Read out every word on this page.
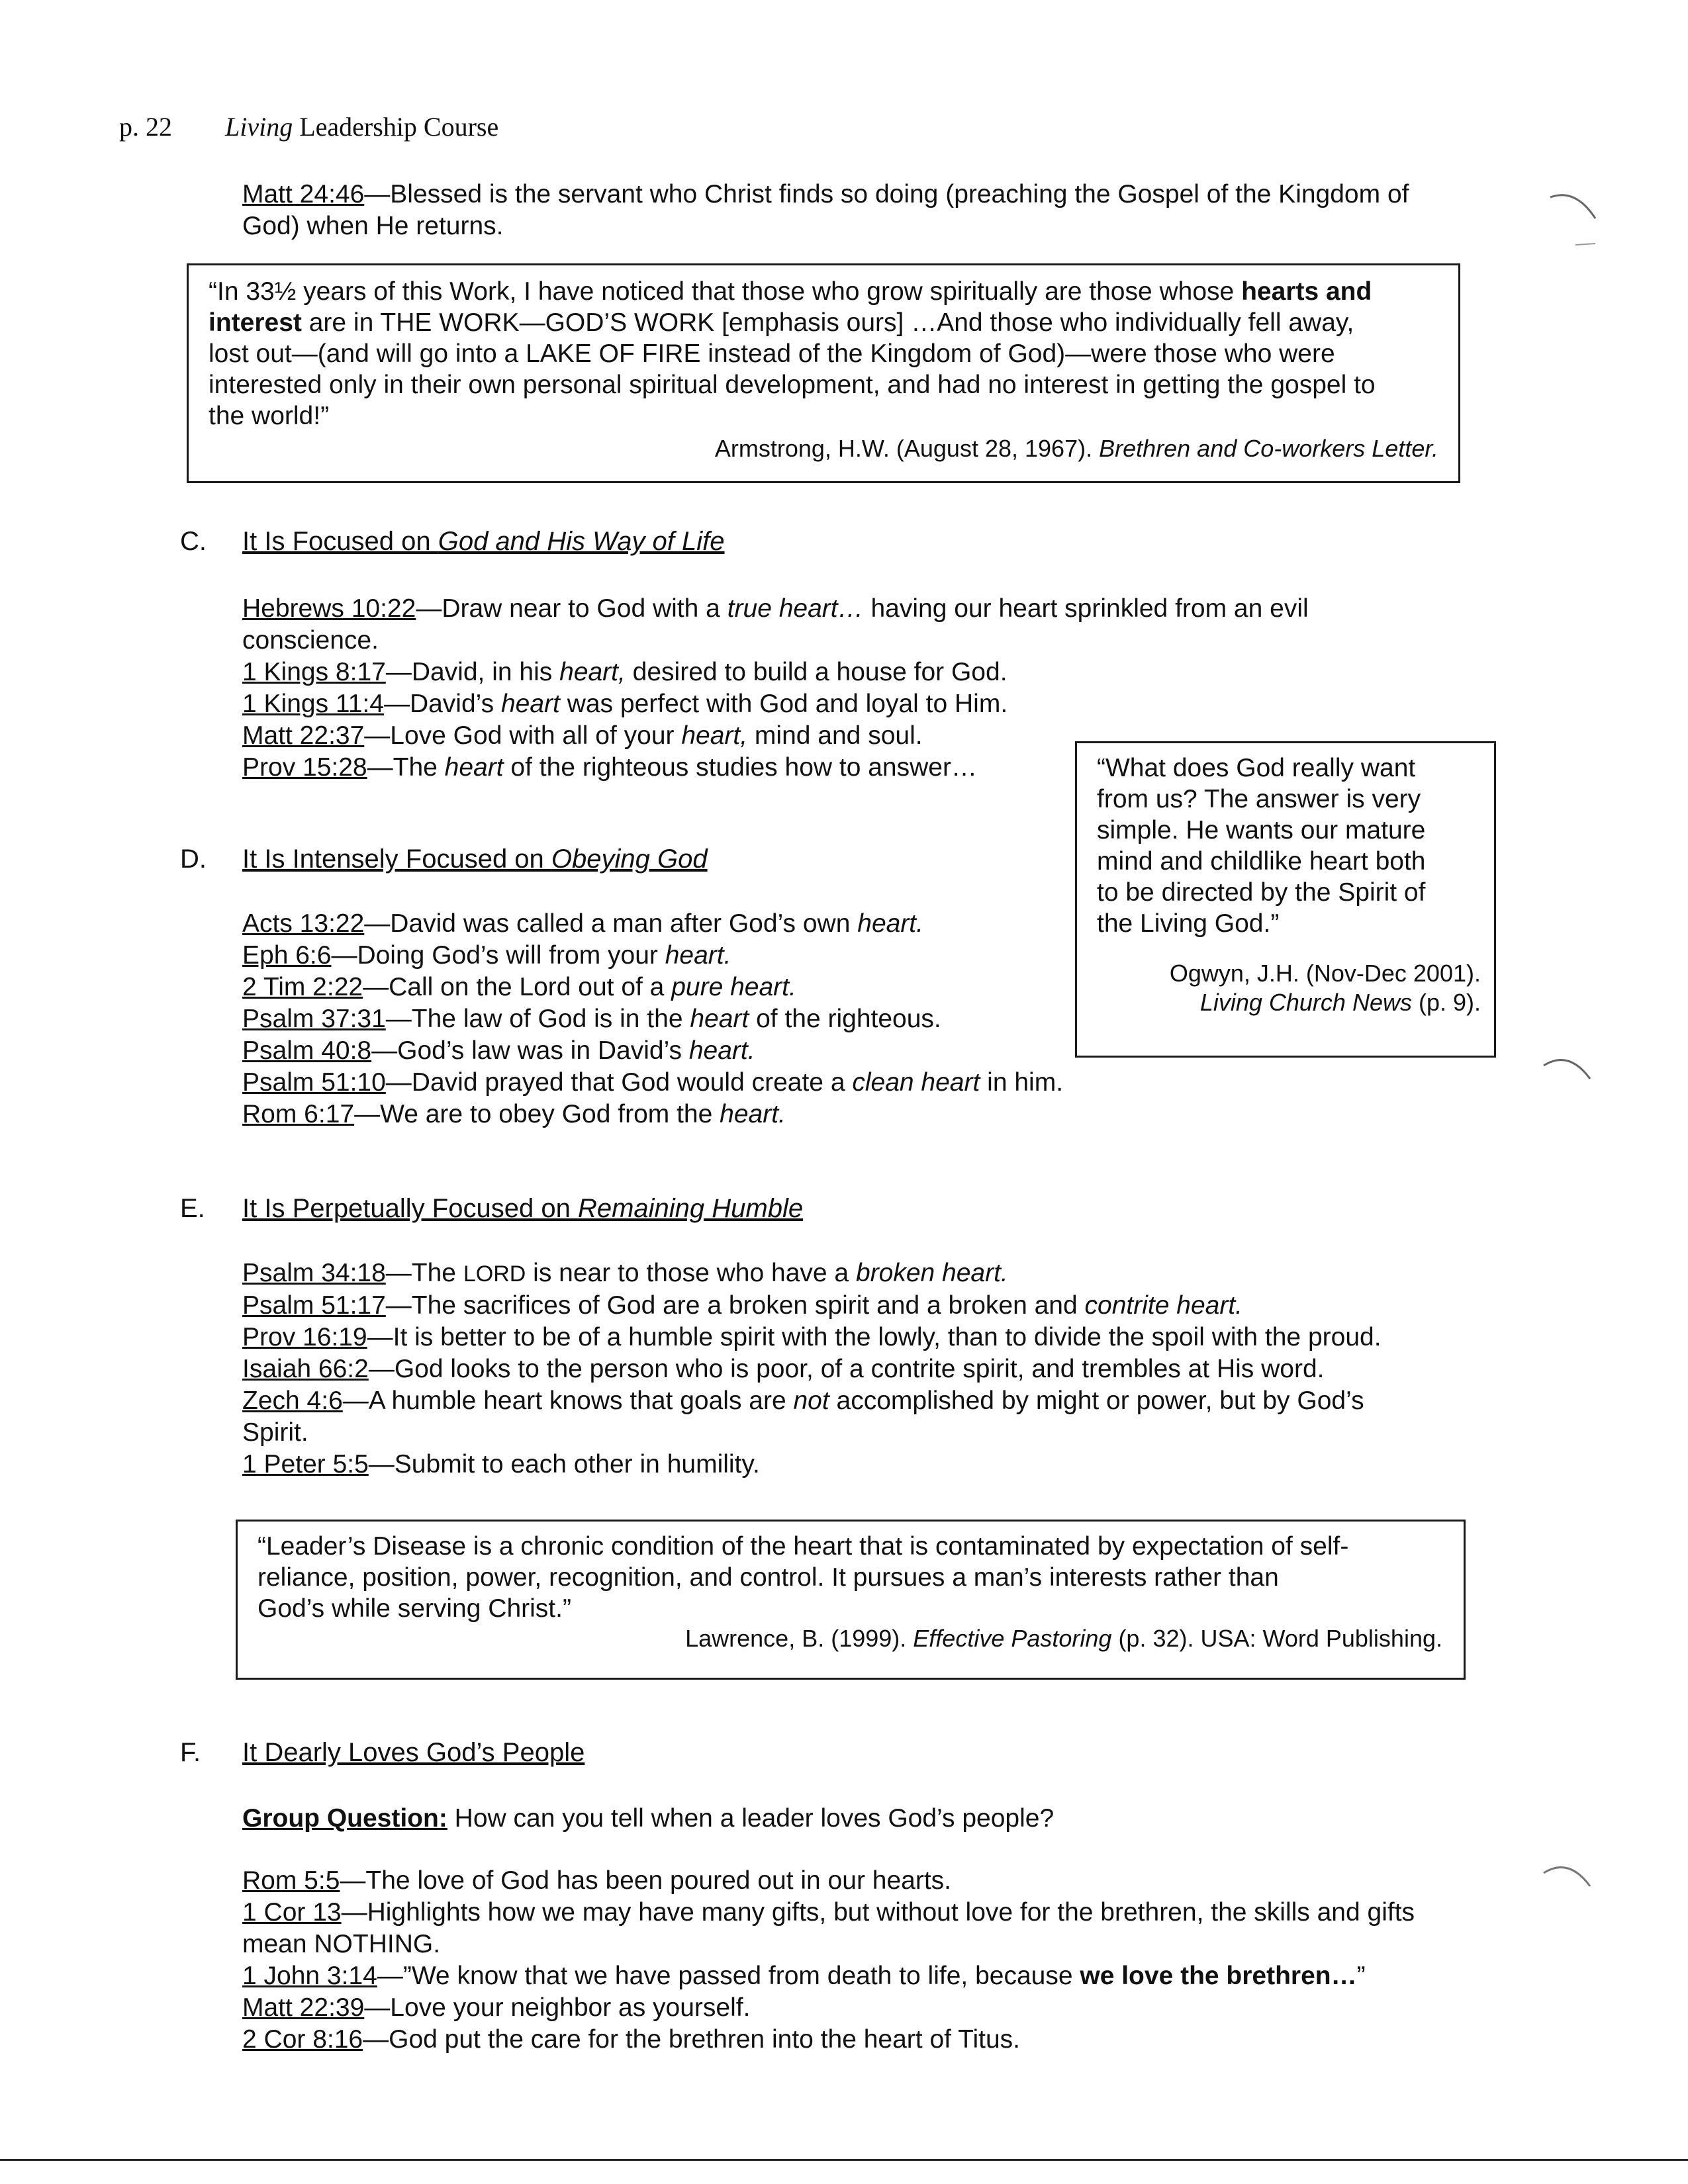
p. 22 Living Leadership Course
Matt 24:46—Blessed is the servant who Christ finds so doing (preaching the Gospel of the Kingdom of
God) when He returns.
“In 33½ years of this Work, I have noticed that those who grow spiritually are those whose hearts and
interest are in THE WORK—GOD’S WORK [emphasis ours] …And those who individually fell away,
lost out—(and will go into a LAKE OF FIRE instead of the Kingdom of God)—were those who were
interested only in their own personal spiritual development, and had no interest in getting the gospel to
the world!”
Armstrong, H.W. (August 28, 1967). Brethren and Co-workers Letter.
C. It Is Focused on God and His Way of Life
Hebrews 10:22—Draw near to God with a true heart… having our heart sprinkled from an evil
conscience.
1 Kings 8:17—David, in his heart, desired to build a house for God.
1 Kings 11:4—David’s heart was perfect with God and loyal to Him.
Matt 22:37—Love God with all of your heart, mind and soul.
Prov 15:28—The heart of the righteous studies how to answer…	“What does God really want
from us? The answer is very
simple. He wants our mature
mind and childlike heart both
to be directed by the Spirit of
the Living God.”
Ogwyn, J.H. (Nov-Dec 2001).
Living Church News (p. 9).
D. It Is Intensely Focused on Obeying God
Acts 13:22—David was called a man after God’s own heart.
Eph 6:6—Doing God’s will from your heart.
2 Tim 2:22—Call on the Lord out of a pure heart.
Psalm 37:31—The law of God is in the heart of the righteous.
Psalm 40:8—God’s law was in David’s heart.
Psalm 51:10—David prayed that God would create a clean heart in him.
Rom 6:17—We are to obey God from the heart.
E. It Is Perpetually Focused on Remaining Humble
Psalm 34:18—The LORD is near to those who have a broken heart.
Psalm 51:17—The sacrifices of God are a broken spirit and a broken and contrite heart.
Prov 16:19—It is better to be of a humble spirit with the lowly, than to divide the spoil with the proud.
Isaiah 66:2—God looks to the person who is poor, of a contrite spirit, and trembles at His word.
Zech 4:6—A humble heart knows that goals are not accomplished by might or power, but by God’s
Spirit.
1 Peter 5:5—Submit to each other in humility.
“Leader’s Disease is a chronic condition of the heart that is contaminated by expectation of self-
reliance, position, power, recognition, and control. It pursues a man’s interests rather than
God’s while serving Christ.”
Lawrence, B. (1999). Effective Pastoring (p. 32). USA: Word Publishing.
F. It Dearly Loves God’s People
Group Question: How can you tell when a leader loves God’s people?
Rom 5:5—The love of God has been poured out in our hearts.
1 Cor 13—Highlights how we may have many gifts, but without love for the brethren, the skills and gifts
mean NOTHING.
1 John 3:14—”We know that we have passed from death to life, because we love the brethren…”
Matt 22:39—Love your neighbor as yourself.
2 Cor 8:16—God put the care for the brethren into the heart of Titus.
